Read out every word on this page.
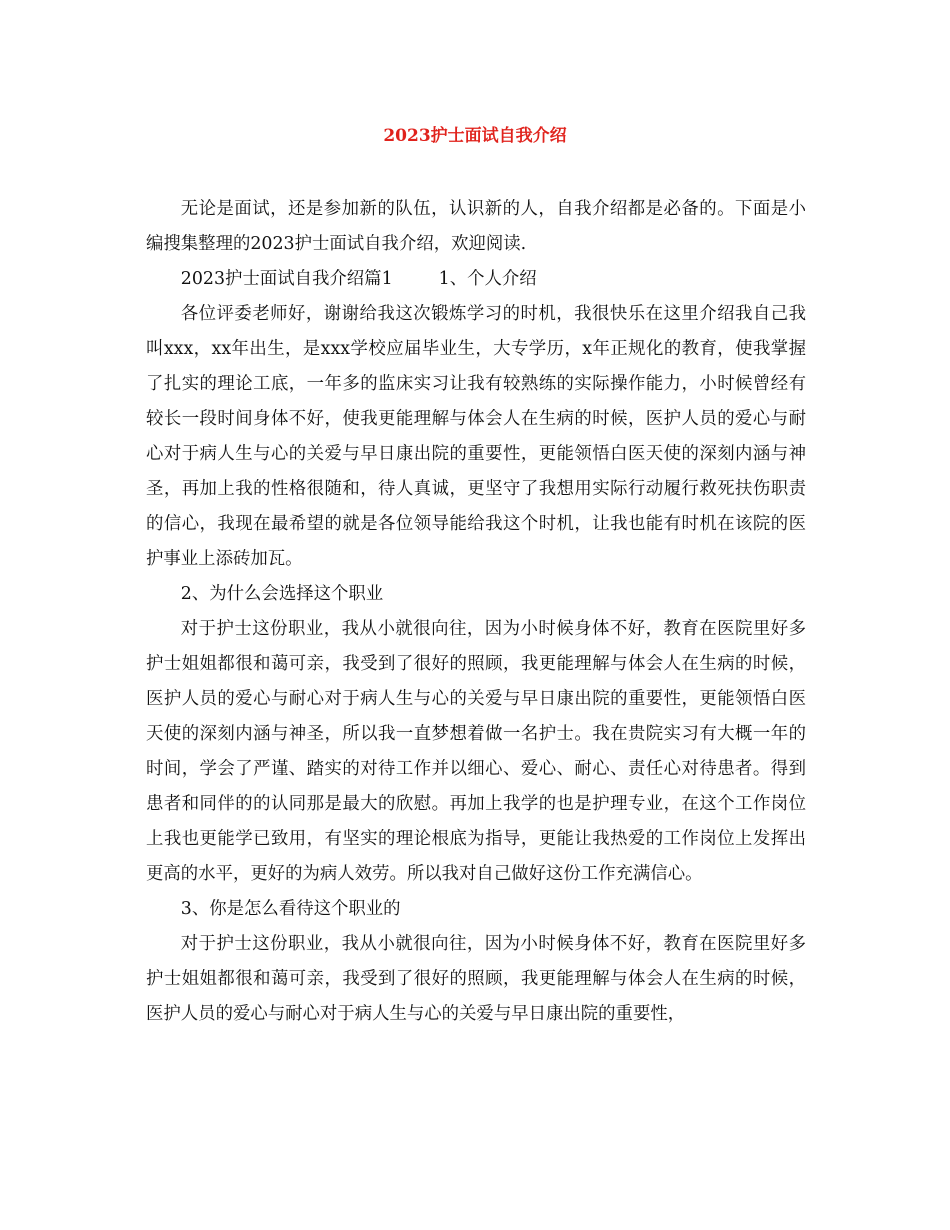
2023护士面试自我介绍

无论是面试，还是参加新的队伍，认识新的人，自我介绍都是必备的。下面是小编搜集整理的2023护士面试自我介绍，欢迎阅读.

2023护士面试自我介绍篇1	1、个人介绍

各位评委老师好，谢谢给我这次锻炼学习的时机，我很快乐在这里介绍我自己我叫xxx，xx年出生，是xxx学校应届毕业生，大专学历，x年正规化的教育，使我掌握了扎实的理论工底，一年多的监床实习让我有较熟练的实际操作能力，小时候曾经有较长一段时间身体不好，使我更能理解与体会人在生病的时候，医护人员的爱心与耐心对于病人生与心的关爱与早日康出院的重要性，更能领悟白医天使的深刻内涵与神圣，再加上我的性格很随和，待人真诚，更坚守了我想用实际行动履行救死扶伤职责的信心，我现在最希望的就是各位领导能给我这个时机，让我也能有时机在该院的医护事业上添砖加瓦。

2、为什么会选择这个职业

对于护士这份职业，我从小就很向往，因为小时候身体不好，教育在医院里好多护士姐姐都很和蔼可亲，我受到了很好的照顾，我更能理解与体会人在生病的时候，医护人员的爱心与耐心对于病人生与心的关爱与早日康出院的重要性，更能领悟白医天使的深刻内涵与神圣，所以我一直梦想着做一名护士。我在贵院实习有大概一年的时间，学会了严谨、踏实的对待工作并以细心、爱心、耐心、责任心对待患者。得到患者和同伴的的认同那是最大的欣慰。再加上我学的也是护理专业，在这个工作岗位上我也更能学已致用，有坚实的理论根底为指导，更能让我热爱的工作岗位上发挥出更高的水平，更好的为病人效劳。所以我对自己做好这份工作充满信心。

3、你是怎么看待这个职业的

对于护士这份职业，我从小就很向往，因为小时候身体不好，教育在医院里好多护士姐姐都很和蔼可亲，我受到了很好的照顾，我更能理解与体会人在生病的时候，医护人员的爱心与耐心对于病人生与心的关爱与早日康出院的重要性，
